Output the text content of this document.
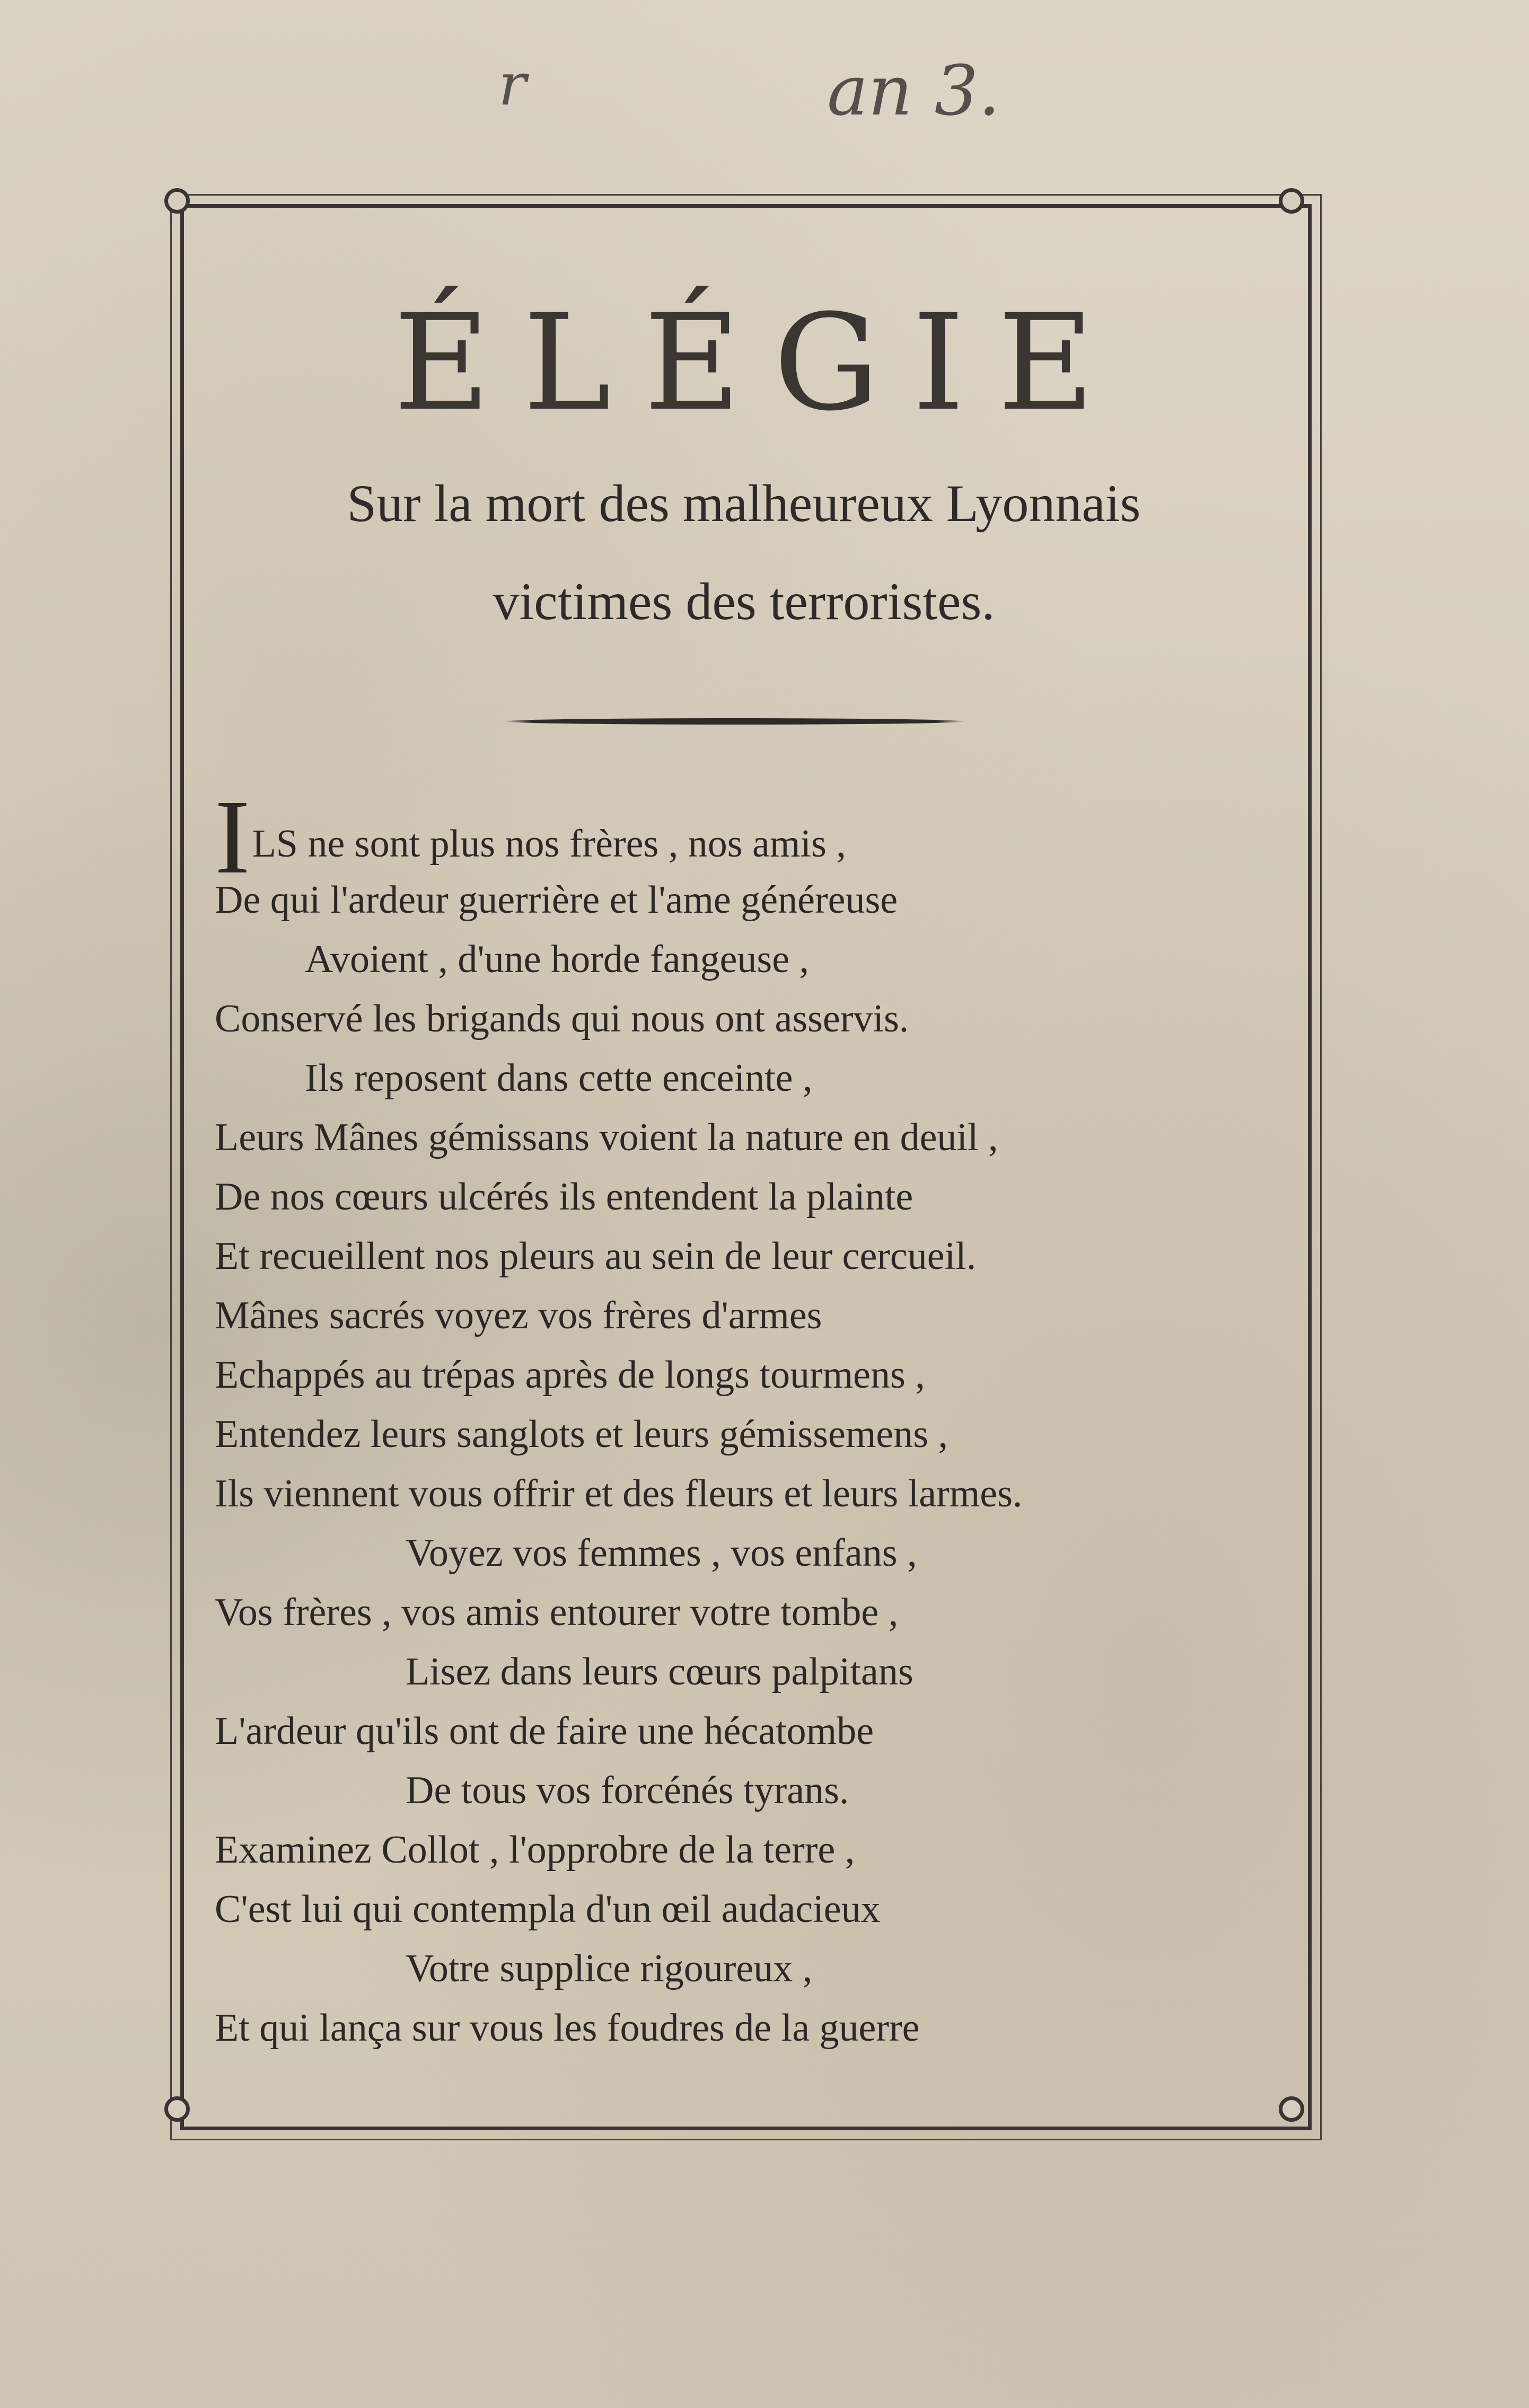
r	an 3.
ÉLÉGIE
Sur la mort des malheureux Lyonnais
victimes des terroristes.
ILS ne sont plus nos frères , nos amis ,
De qui l'ardeur guerrière et l'ame généreuse
Avoient , d'une horde fangeuse ,
Conservé les brigands qui nous ont asservis.
Ils reposent dans cette enceinte ,
Leurs Mânes gémissans voient la nature en deuil ,
De nos cœurs ulcérés ils entendent la plainte
Et recueillent nos pleurs au sein de leur cercueil.
Mânes sacrés voyez vos frères d'armes
Echappés au trépas après de longs tourmens ,
Entendez leurs sanglots et leurs gémissemens ,
Ils viennent vous offrir et des fleurs et leurs larmes.
Voyez vos femmes , vos enfans ,
Vos frères , vos amis entourer votre tombe ,
Lisez dans leurs cœurs palpitans
L'ardeur qu'ils ont de faire une hécatombe
De tous vos forcénés tyrans.
Examinez Collot , l'opprobre de la terre ,
C'est lui qui contempla d'un œil audacieux
Votre supplice rigoureux ,
Et qui lança sur vous les foudres de la guerre
